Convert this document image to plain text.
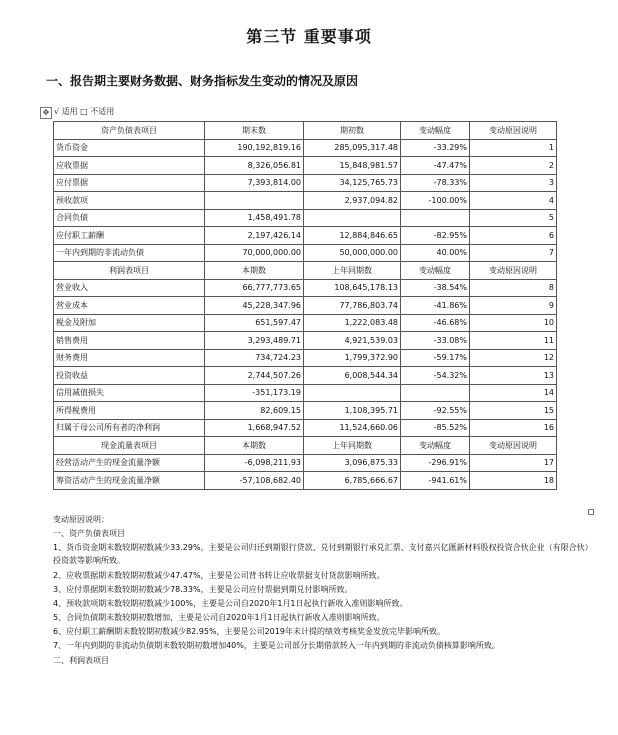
第三节 重要事项
一、报告期主要财务数据、财务指标发生变动的情况及原因
✥ √ 适用 □ 不适用
资产负债表项目	期末数	期初数	变动幅度	变动原因说明
货币资金	190,192,819.16	285,095,317.48	-33.29%	1
应收票据	8,326,056.81	15,848,981.57	-47.47%	2
应付票据	7,393,814.00	34,125,765.73	-78.33%	3
预收款项		2,937,094.82	-100.00%	4
合同负债	1,458,491.78			5
应付职工薪酬	2,197,426.14	12,884,846.65	-82.95%	6
一年内到期的非流动负债	70,000,000.00	50,000,000.00	40.00%	7
利润表项目	本期数	上年同期数	变动幅度	变动原因说明
营业收入	66,777,773.65	108,645,178.13	-38.54%	8
营业成本	45,228,347.96	77,786,803.74	-41.86%	9
税金及附加	651,597.47	1,222,083.48	-46.68%	10
销售费用	3,293,489.71	4,921,539.03	-33.08%	11
财务费用	734,724.23	1,799,372.90	-59.17%	12
投资收益	2,744,507.26	6,008,544.34	-54.32%	13
信用减值损失	-351,173.19			14
所得税费用	82,609.15	1,108,395.71	-92.55%	15
归属于母公司所有者的净利润	1,668,947.52	11,524,660.06	-85.52%	16
现金流量表项目	本期数	上年同期数	变动幅度	变动原因说明
经营活动产生的现金流量净额	-6,098,211.93	3,096,875.33	-296.91%	17
筹资活动产生的现金流量净额	-57,108,682.40	6,785,666.67	-941.61%	18

变动原因说明：

一、资产负债表项目

1、货币资金期末数较期初数减少33.29%，主要是公司归还到期银行贷款、兑付到期银行承兑汇票、支付嘉兴亿匯新材料股权投资合伙企业（有限合伙）投资款等影响所致。

2、应收票据期末数较期初数减少47.47%，主要是公司背书转让应收票据支付货款影响所致。

3、应付票据期末数较期初数减少78.33%，主要是公司应付票据到期兑付影响所致。

4、预收款项期末数较期初数减少100%，主要是公司自2020年1月1日起执行新收入准则影响所致。

5、合同负债期末数较期初数增加，主要是公司自2020年1月1日起执行新收入准则影响所致。

6、应付职工薪酬期末数较期初数减少82.95%，主要是公司2019年末计提的绩效考核奖金发放完毕影响所致。

7、一年内到期的非流动负债期末数较期初数增加40%，主要是公司部分长期借款转入一年内到期的非流动负债核算影响所致。

二、利润表项目
